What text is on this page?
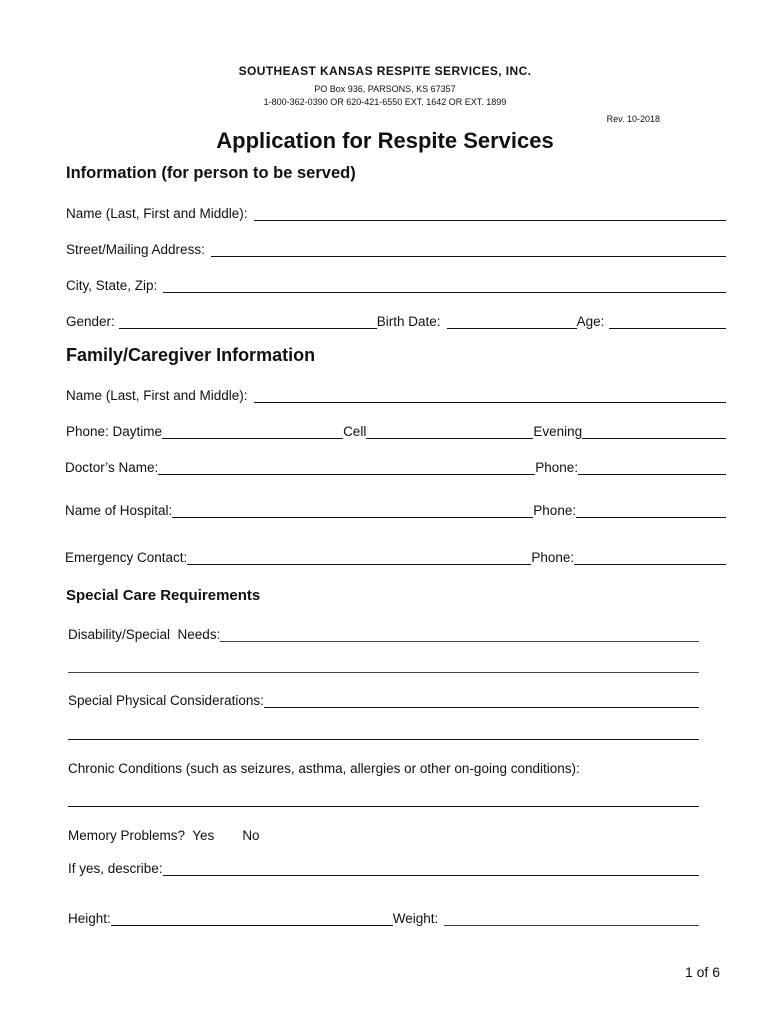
SOUTHEAST KANSAS RESPITE SERVICES, INC.
PO Box 936, PARSONS, KS 67357
1-800-362-0390 OR 620-421-6550 EXT. 1642 OR EXT. 1899
Rev. 10-2018
Application for Respite Services
Information (for person to be served)
Name (Last, First and Middle):
Street/Mailing Address:
City, State, Zip:
Gender:	Birth Date:	Age:
Family/Caregiver Information
Name (Last, First and Middle):
Phone: Daytime	Cell	Evening
Doctor’s Name:	Phone:
Name of Hospital:	Phone:
Emergency Contact:	Phone:
Special Care Requirements
Disability/Special  Needs:
Special Physical Considerations:
Chronic Conditions (such as seizures, asthma, allergies or other on-going conditions):
Memory Problems?  Yes No
If yes, describe:
Height:	Weight:
1 of 6
